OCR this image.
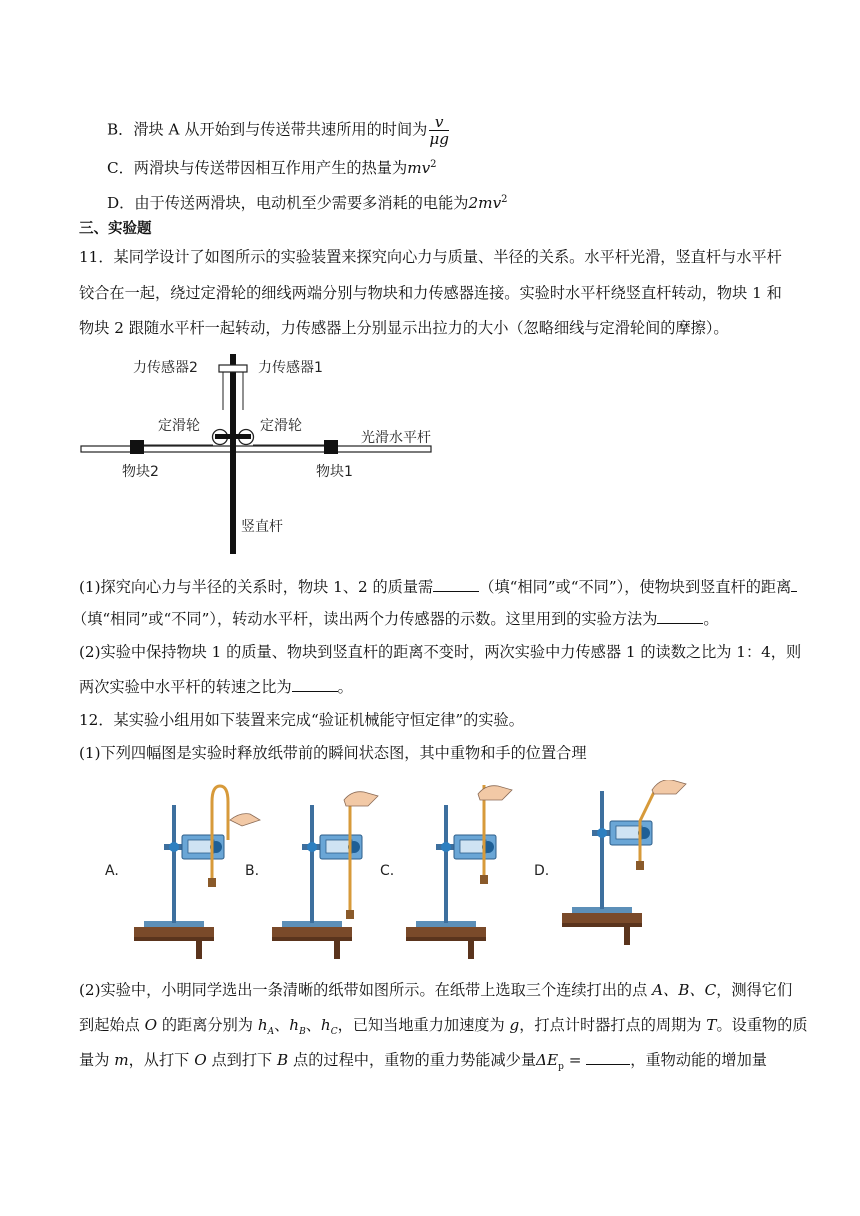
B．滑块 A 从开始到与传送带共速所用的时间为 $\frac{v}{\mu g}$
C．两滑块与传送带因相互作用产生的热量为$mv^2$
D．由于传送两滑块，电动机至少需要多消耗的电能为$2mv^2$
三、实验题
11．某同学设计了如图所示的实验装置来探究向心力与质量、半径的关系。水平杆光滑，竖直杆与水平杆
铰合在一起，绕过定滑轮的细线两端分别与物块和力传感器连接。实验时水平杆绕竖直杆转动，物块 1 和
物块 2 跟随水平杆一起转动，力传感器上分别显示出拉力的大小（忽略细线与定滑轮间的摩擦）。
力传感器2	力传感器1
定滑轮	定滑轮
光滑水平杆
物块2	物块1
竖直杆
(1)探究向心力与半径的关系时，物块 1、2 的质量需	（填“相同”或“不同”），使物块到竖直杆的距离
（填“相同”或“不同”），转动水平杆，读出两个力传感器的示数。这里用到的实验方法为	。
(2)实验中保持物块 1 的质量、物块到竖直杆的距离不变时，两次实验中力传感器 1 的读数之比为 1：4，则
两次实验中水平杆的转速之比为	。
12．某实验小组用如下装置来完成“验证机械能守恒定律”的实验。
(1)下列四幅图是实验时释放纸带前的瞬间状态图，其中重物和手的位置合理
A.	B.	C.	D.
(2)实验中，小明同学选出一条清晰的纸带如图所示。在纸带上选取三个连续打出的点 A、B、C，测得它们
到起始点 O 的距离分别为 $h_A$、$h_B$、$h_C$，已知当地重力加速度为 g，打点计时器打点的周期为 T。设重物的质
量为 m，从打下 O 点到打下 B 点的过程中，重物的重力势能减少量$\Delta E_p$ =	，重物动能的增加量
